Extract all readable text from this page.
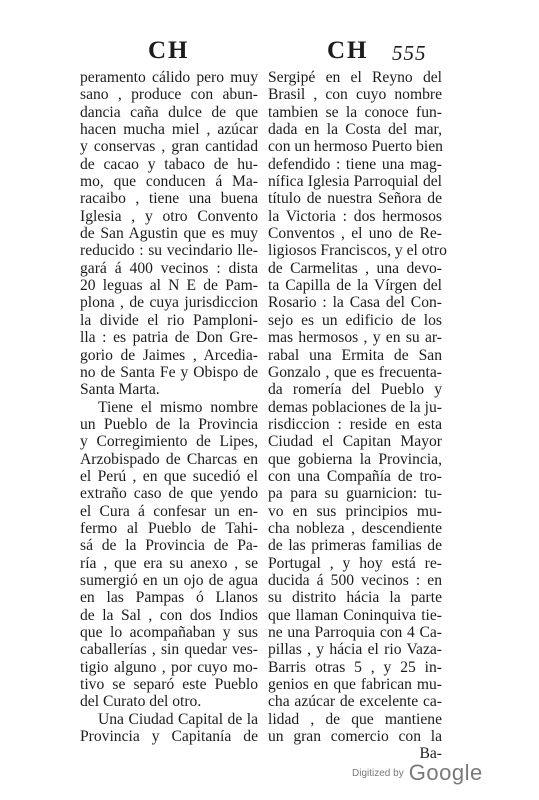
CH	CH 555
peramento cálido pero muy
sano , produce con abun-
dancia caña dulce de que
hacen mucha miel , azúcar
y conservas , gran cantidad
de cacao y tabaco de hu-
mo, que conducen á Ma-
racaibo , tiene una buena
Iglesia , y otro Convento
de San Agustin que es muy
reducido : su vecindario lle-
gará á 400 vecinos : dista
20 leguas al N E de Pam-
plona , de cuya jurisdiccion
la divide el rio Pamploni-
lla : es patria de Don Gre-
gorio de Jaimes , Arcedia-
no de Santa Fe y Obispo de
Santa Marta.
Tiene el mismo nombre
un Pueblo de la Provincia
y Corregimiento de Lipes,
Arzobispado de Charcas en
el Perú , en que sucedió el
extraño caso de que yendo
el Cura á confesar un en-
fermo al Pueblo de Tahi-
sá de la Provincia de Pa-
ría , que era su anexo , se
sumergió en un ojo de agua
en las Pampas ó Llanos
de la Sal , con dos Indios
que lo acompañaban y sus
caballerías , sin quedar ves-
tigio alguno , por cuyo mo-
tivo se separó este Pueblo
del Curato del otro.
Una Ciudad Capital de la
Provincia y Capitanía de
Sergipé en el Reyno del
Brasil , con cuyo nombre
tambien se la conoce fun-
dada en la Costa del mar,
con un hermoso Puerto bien
defendido : tiene una mag-
nífica Iglesia Parroquial del
título de nuestra Señora de
la Victoria : dos hermosos
Conventos , el uno de Re-
ligiosos Franciscos, y el otro
de Carmelitas , una devo-
ta Capilla de la Vírgen del
Rosario : la Casa del Con-
sejo es un edificio de los
mas hermosos , y en su ar-
rabal una Ermita de San
Gonzalo , que es frecuenta-
da romería del Pueblo y
demas poblaciones de la ju-
risdiccion : reside en esta
Ciudad el Capitan Mayor
que gobierna la Provincia,
con una Compañía de tro-
pa para su guarnicion: tu-
vo en sus principios mu-
cha nobleza , descendiente
de las primeras familias de
Portugal , y hoy está re-
ducida á 500 vecinos : en
su distrito hácia la parte
que llaman Coninquiva tie-
ne una Parroquia con 4 Ca-
pillas , y hácia el rio Vaza-
Barris otras 5 , y 25 in-
genios en que fabrican mu-
cha azúcar de excelente ca-
lidad , de que mantiene
un gran comercio con la
Ba-
$^{Digitized by}$ Google
